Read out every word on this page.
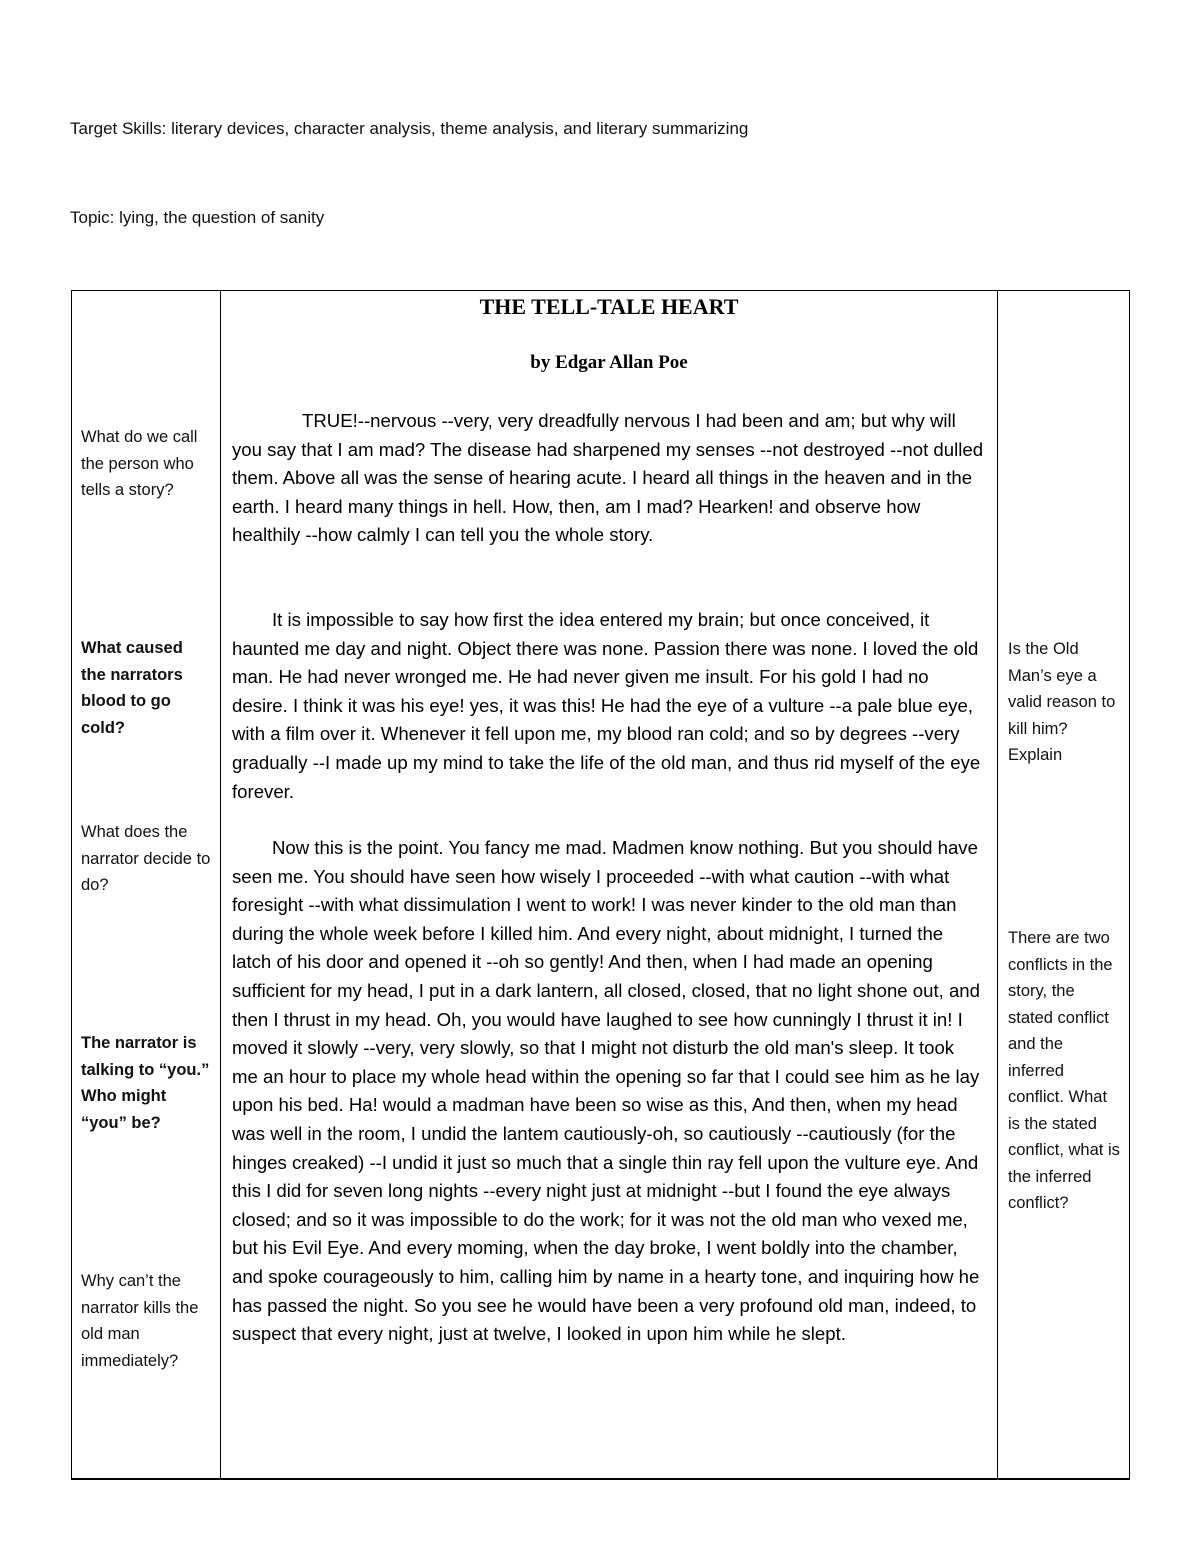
Target Skills: literary devices, character analysis, theme analysis, and literary summarizing
Topic: lying, the question of sanity
What do we call the person who tells a story?
What caused the narrators blood to go cold?
What does the narrator decide to do?
The narrator is talking to “you.” Who might “you” be?
Why can’t the narrator kills the old man immediately?
Is the Old Man’s eye a valid reason to kill him? Explain
There are two conflicts in the story, the stated conflict and the inferred conflict. What is the stated conflict, what is the inferred conflict?
THE TELL-TALE HEART
by Edgar Allan Poe
TRUE!--nervous --very, very dreadfully nervous I had been and am; but why will you say that I am mad? The disease had sharpened my senses --not destroyed --not dulled them. Above all was the sense of hearing acute. I heard all things in the heaven and in the earth. I heard many things in hell. How, then, am I mad? Hearken! and observe how healthily --how calmly I can tell you the whole story.
It is impossible to say how first the idea entered my brain; but once conceived, it haunted me day and night. Object there was none. Passion there was none. I loved the old man. He had never wronged me. He had never given me insult. For his gold I had no desire. I think it was his eye! yes, it was this! He had the eye of a vulture --a pale blue eye, with a film over it. Whenever it fell upon me, my blood ran cold; and so by degrees --very gradually --I made up my mind to take the life of the old man, and thus rid myself of the eye forever.
Now this is the point. You fancy me mad. Madmen know nothing. But you should have seen me. You should have seen how wisely I proceeded --with what caution --with what foresight --with what dissimulation I went to work! I was never kinder to the old man than during the whole week before I killed him. And every night, about midnight, I turned the latch of his door and opened it --oh so gently! And then, when I had made an opening sufficient for my head, I put in a dark lantern, all closed, closed, that no light shone out, and then I thrust in my head. Oh, you would have laughed to see how cunningly I thrust it in! I moved it slowly --very, very slowly, so that I might not disturb the old man's sleep. It took me an hour to place my whole head within the opening so far that I could see him as he lay upon his bed. Ha! would a madman have been so wise as this, And then, when my head was well in the room, I undid the lantem cautiously-oh, so cautiously --cautiously (for the hinges creaked) --I undid it just so much that a single thin ray fell upon the vulture eye. And this I did for seven long nights --every night just at midnight --but I found the eye always closed; and so it was impossible to do the work; for it was not the old man who vexed me, but his Evil Eye. And every moming, when the day broke, I went boldly into the chamber, and spoke courageously to him, calling him by name in a hearty tone, and inquiring how he has passed the night. So you see he would have been a very profound old man, indeed, to suspect that every night, just at twelve, I looked in upon him while he slept.
